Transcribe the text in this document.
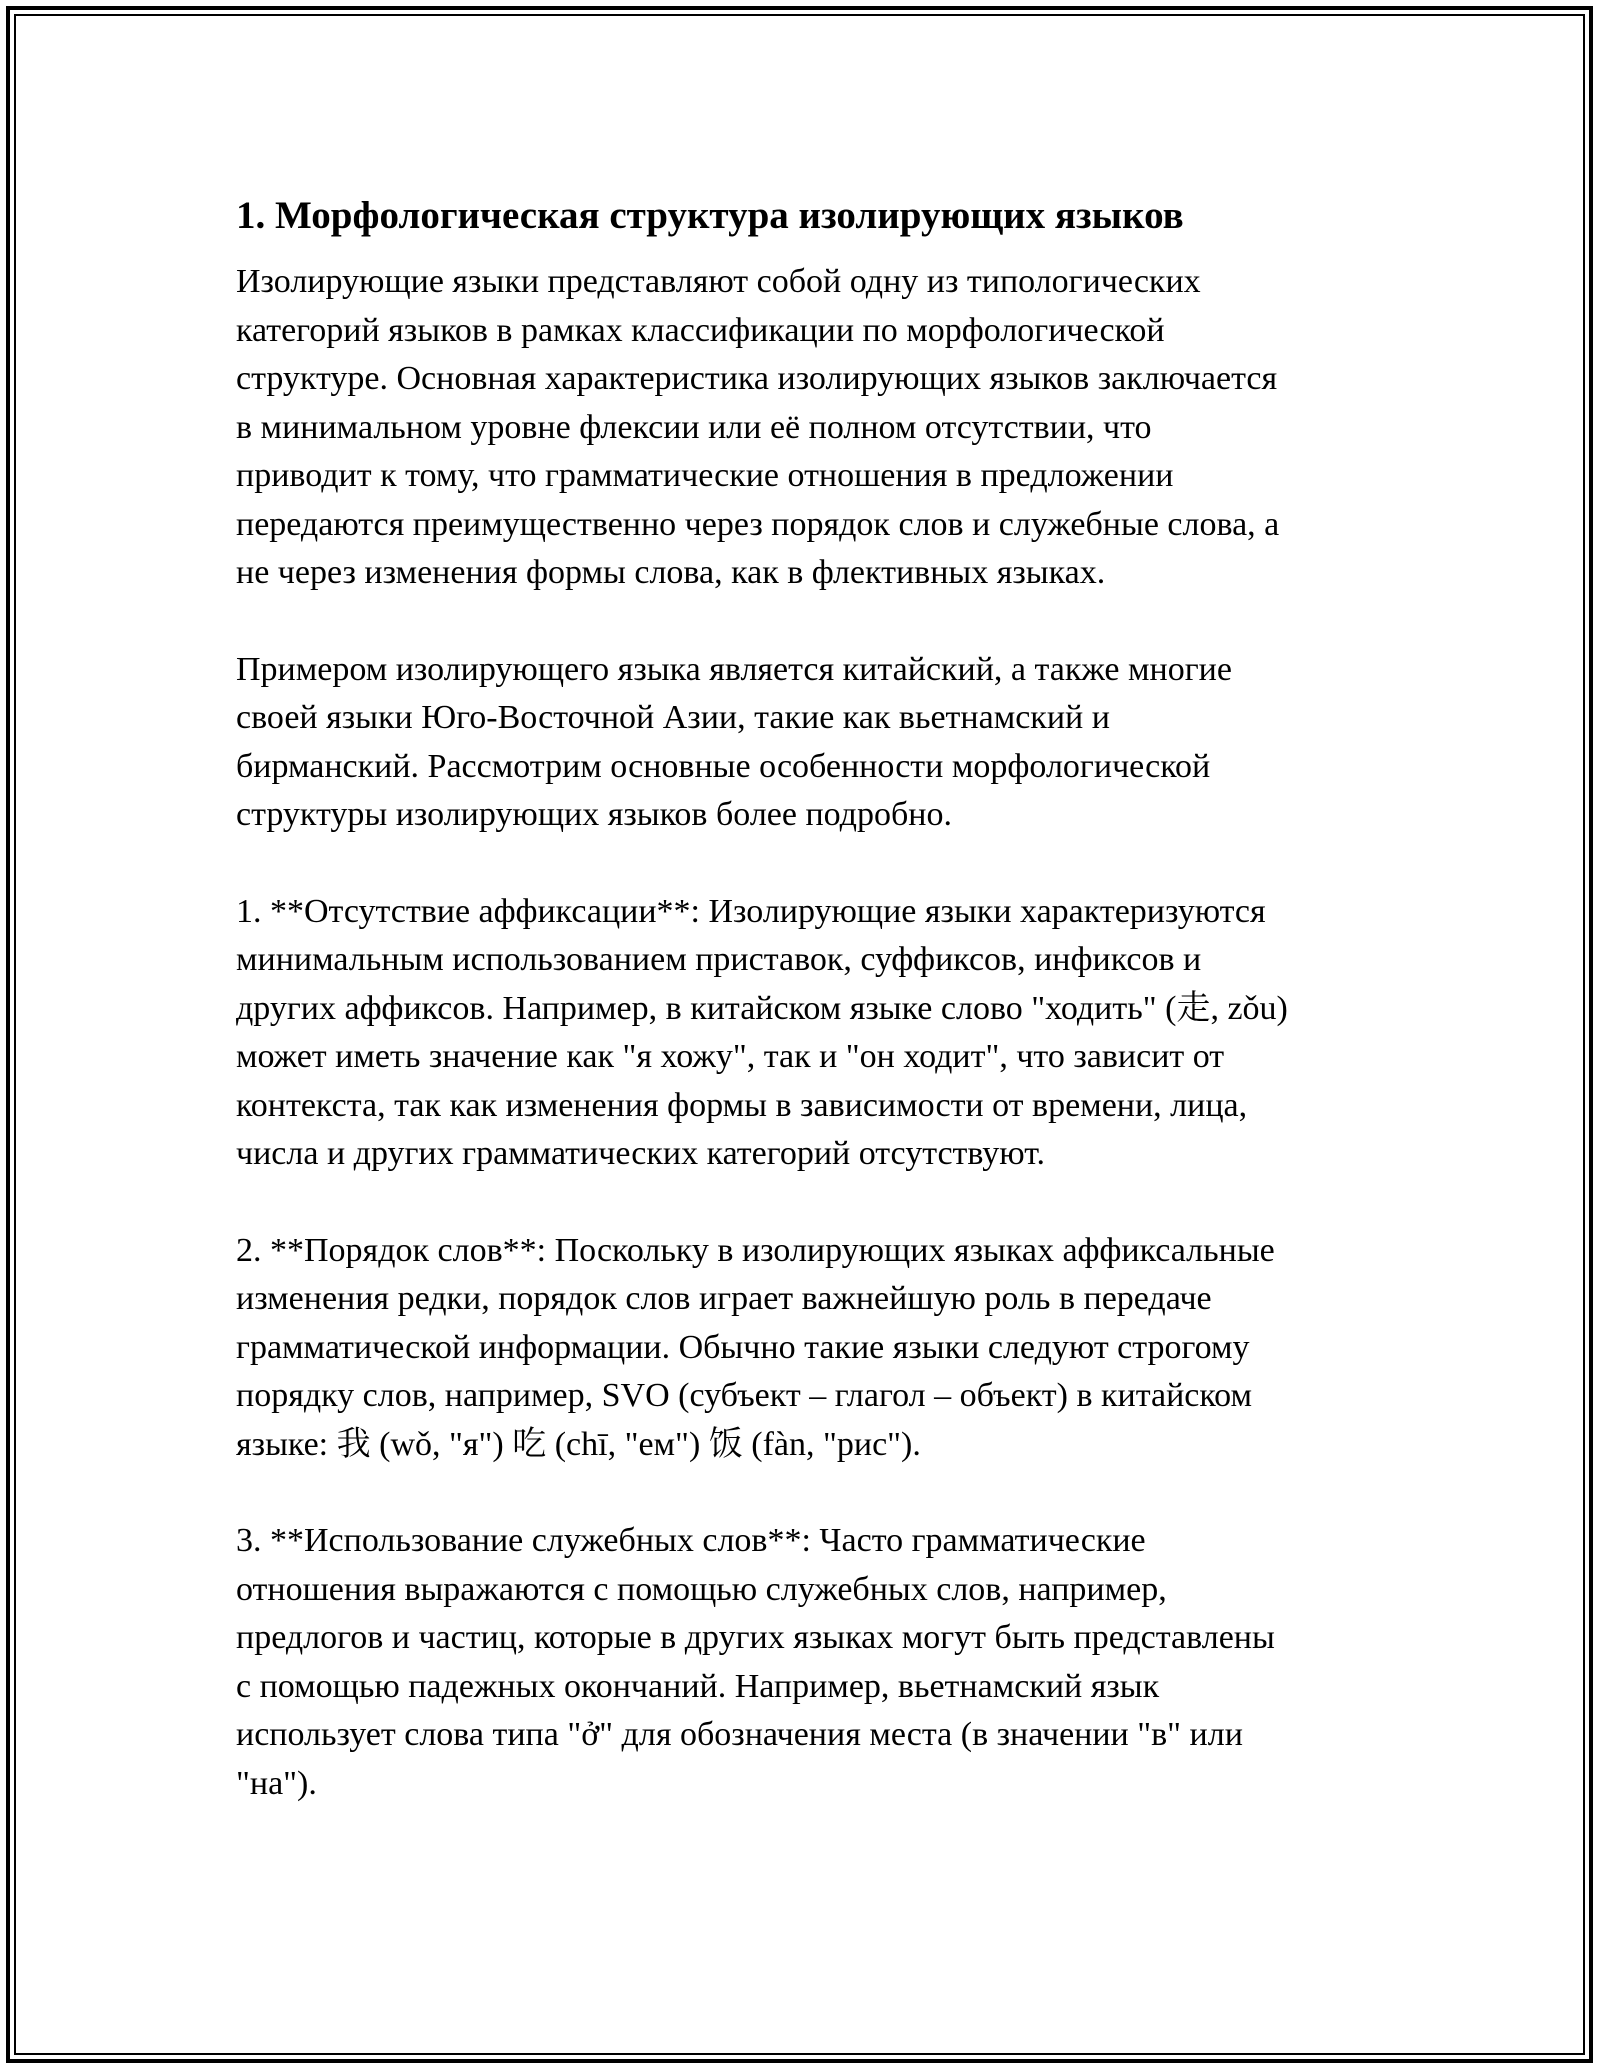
1. Морфологическая структура изолирующих языков

Изолирующие языки представляют собой одну из типологических
категорий языков в рамках классификации по морфологической
структуре. Основная характеристика изолирующих языков заключается
в минимальном уровне флексии или её полном отсутствии, что
приводит к тому, что грамматические отношения в предложении
передаются преимущественно через порядок слов и служебные слова, а
не через изменения формы слова, как в флективных языках.

Примером изолирующего языка является китайский, а также многие
своей языки Юго-Восточной Азии, такие как вьетнамский и
бирманский. Рассмотрим основные особенности морфологической
структуры изолирующих языков более подробно.

1. **Отсутствие аффиксации**: Изолирующие языки характеризуются
минимальным использованием приставок, суффиксов, инфиксов и
других аффиксов. Например, в китайском языке слово "ходить" (走, zǒu)
может иметь значение как "я хожу", так и "он ходит", что зависит от
контекста, так как изменения формы в зависимости от времени, лица,
числа и других грамматических категорий отсутствуют.

2. **Порядок слов**: Поскольку в изолирующих языках аффиксальные
изменения редки, порядок слов играет важнейшую роль в передаче
грамматической информации. Обычно такие языки следуют строгому
порядку слов, например, SVO (субъект – глагол – объект) в китайском
языке: 我 (wǒ, "я") 吃 (chī, "ем") 饭 (fàn, "рис").

3. **Использование служебных слов**: Часто грамматические
отношения выражаются с помощью служебных слов, например,
предлогов и частиц, которые в других языках могут быть представлены
с помощью падежных окончаний. Например, вьетнамский язык
использует слова типа "ở" для обозначения места (в значении "в" или
"на").
